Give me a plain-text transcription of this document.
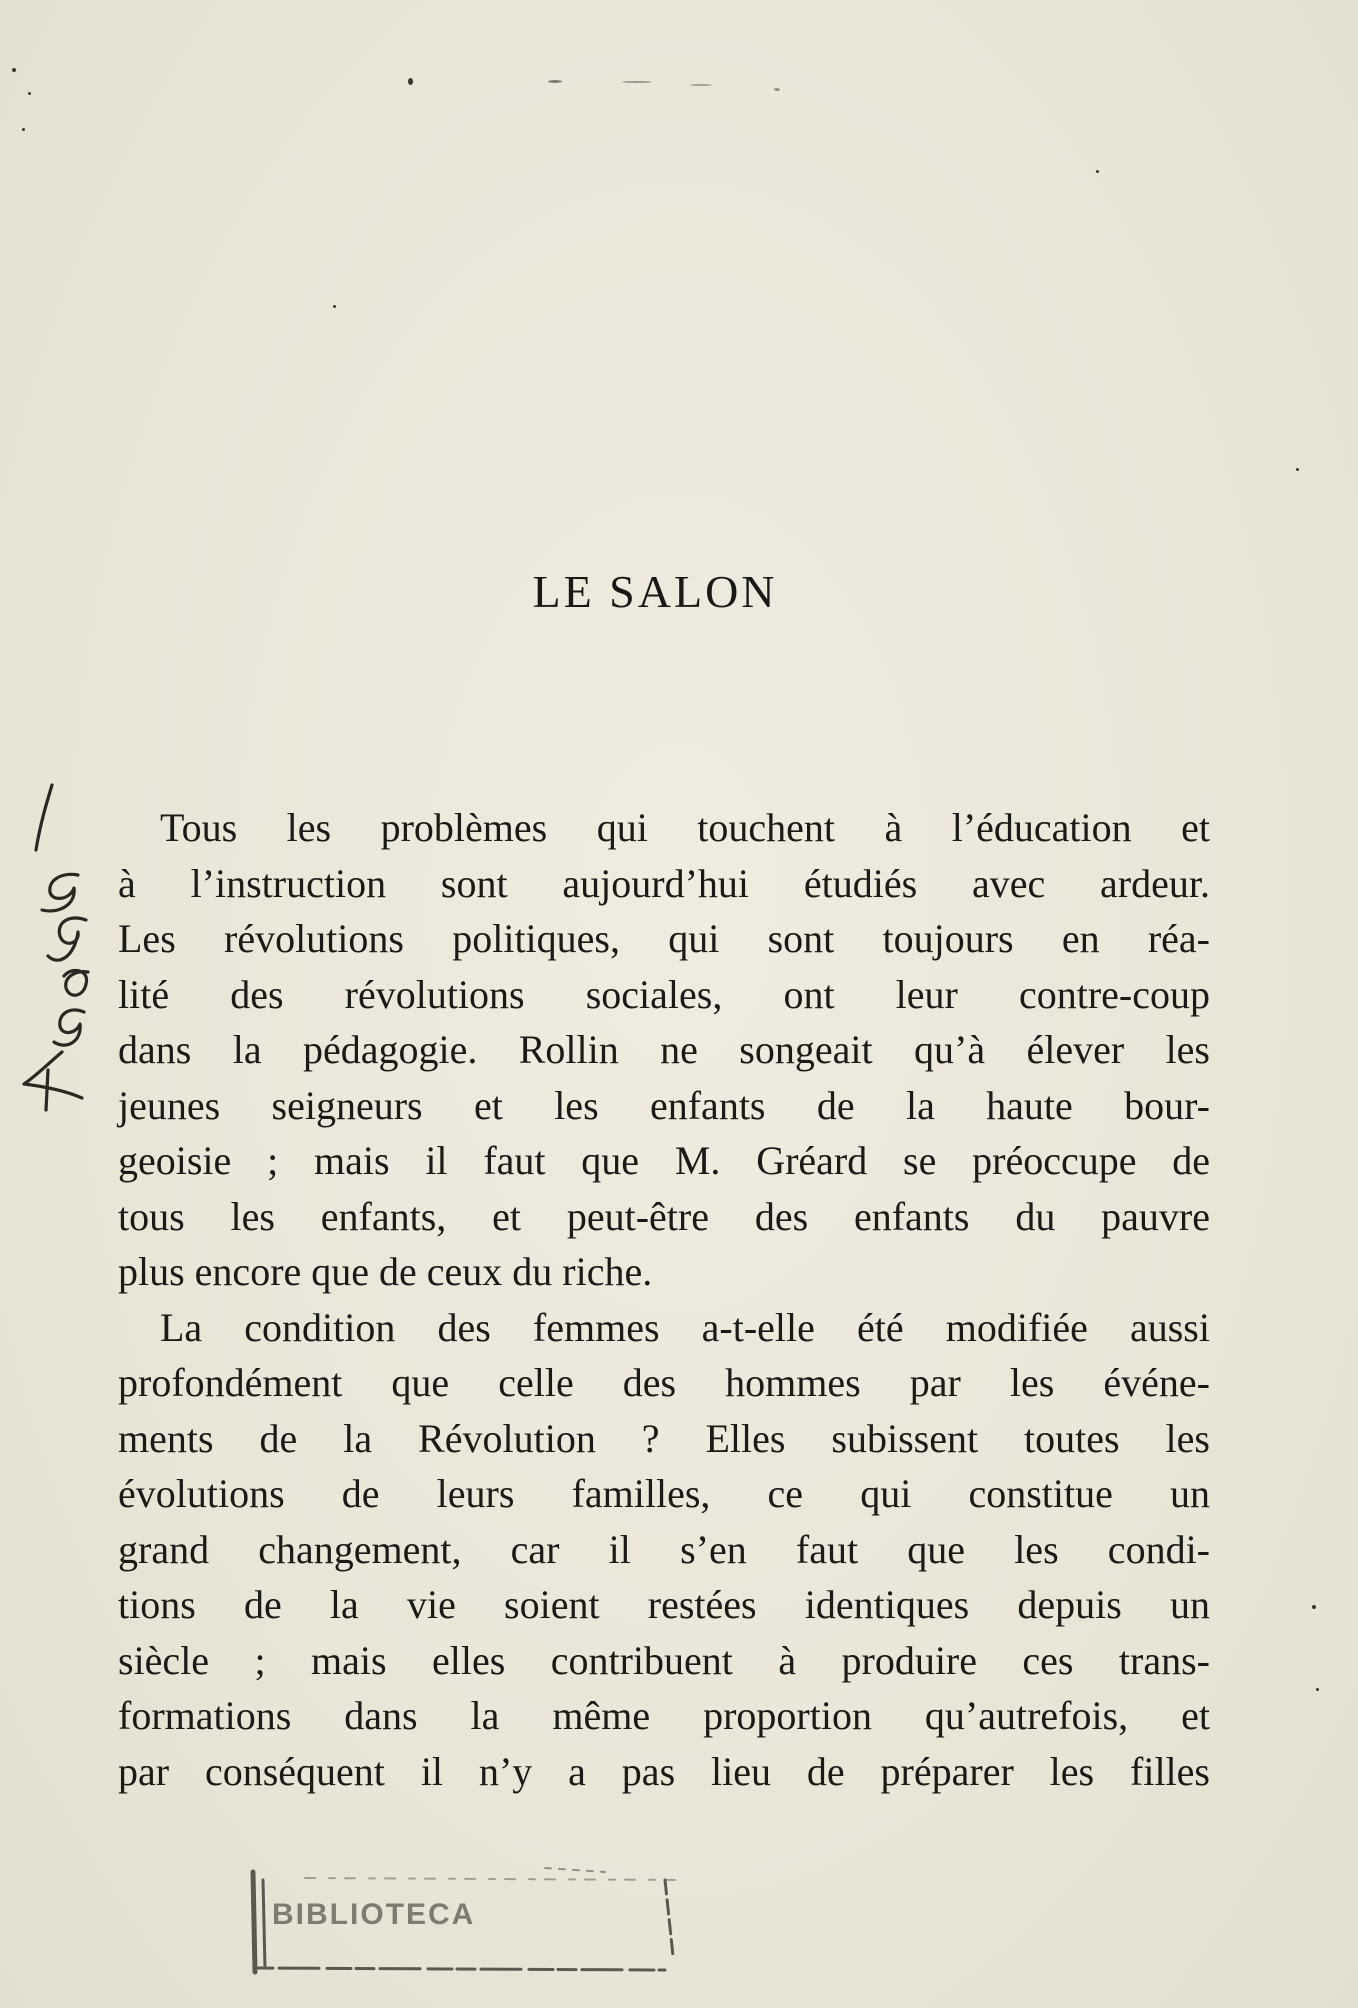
LE SALON
Tous les problèmes qui touchent à l’éducation et
à l’instruction sont aujourd’hui étudiés avec ardeur.
Les révolutions politiques, qui sont toujours en réa-
lité des révolutions sociales, ont leur contre-coup
dans la pédagogie. Rollin ne songeait qu’à élever les
jeunes seigneurs et les enfants de la haute bour-
geoisie ; mais il faut que M. Gréard se préoccupe de
tous les enfants, et peut-être des enfants du pauvre
plus encore que de ceux du riche.
La condition des femmes a-t-elle été modifiée aussi
profondément que celle des hommes par les événe-
ments de la Révolution ? Elles subissent toutes les
évolutions de leurs familles, ce qui constitue un
grand changement, car il s’en faut que les condi-
tions de la vie soient restées identiques depuis un
siècle ; mais elles contribuent à produire ces trans-
formations dans la même proportion qu’autrefois, et
par conséquent il n’y a pas lieu de préparer les filles
BIBLIOTECA
